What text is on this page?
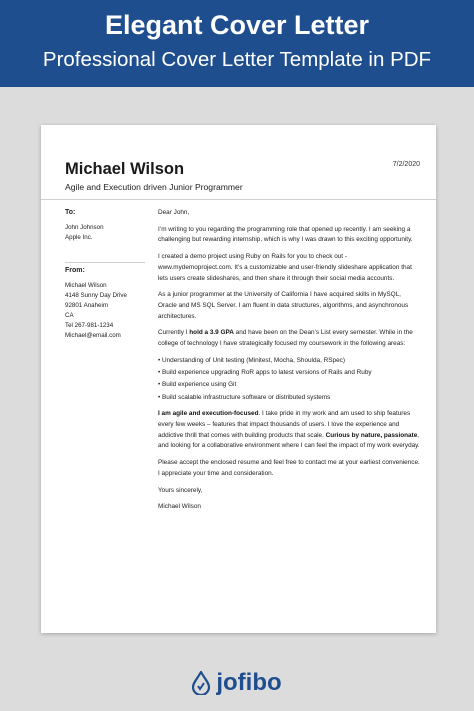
Elegant Cover Letter
Professional Cover Letter Template in PDF
Michael Wilson	7/2/2020
Agile and Execution driven Junior Programmer
To:
John Johnson
Apple Inc.
From:
Michael Wilson
4148 Sunny Day Drive
92801 Anaheim
CA
Tel 267-981-1234
Michael@email.com

Dear John,

I’m writing to you regarding the programming role that opened up recently. I am seeking a challenging but rewarding internship, which is why I was drawn to this exciting opportunity.

I created a demo project using Ruby on Rails for you to check out - www.mydemoproject.com. It’s a customizable and user-friendly slideshare application that lets users create slideshares, and then share it through their social media accounts.

As a junior programmer at the University of California I have acquired skills in MySQL, Oracle and MS SQL Server. I am fluent in data structures, algorithms, and asynchronous architectures.

Currently I hold a 3.9 GPA and have been on the Dean’s List every semester. While in the college of technology I have strategically focused my coursework in the following areas:

• Understanding of Unit testing (Minitest, Mocha, Shoulda, RSpec)
• Build experience upgrading RoR apps to latest versions of Rails and Ruby
• Build experience using Git
• Build scalable infrastructure software or distributed systems

I am agile and execution-focused. I take pride in my work and am used to ship features every few weeks – features that impact thousands of users. I love the experience and addictive thrill that comes with building products that scale. Curious by nature, passionate, and looking for a collaborative environment where I can feel the impact of my work everyday.

Please accept the enclosed resume and feel free to contact me at your earliest convenience. I appreciate your time and consideration.

Yours sincerely,

Michael Wilson

jofibo
